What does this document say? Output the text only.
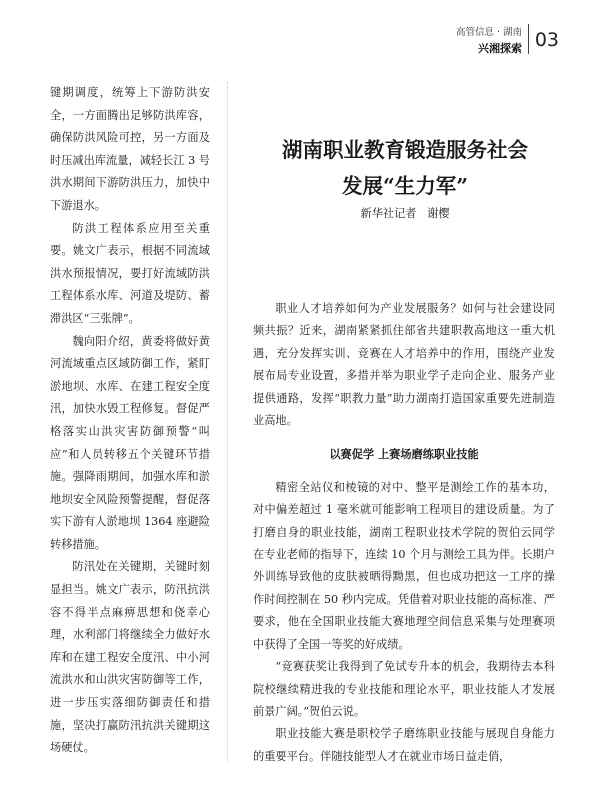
高管信息 · 湖南
兴湘探索 03

键期调度，统筹上下游防洪安全，一方面腾出足够防洪库容，确保防洪风险可控，另一方面及时压减出库流量，减轻长江 3 号洪水期间下游防洪压力，加快中下游退水。

防洪工程体系应用至关重要。姚文广表示，根据不同流域洪水预报情况，要打好流域防洪工程体系水库、河道及堤防、蓄滞洪区“三张牌”。

魏向阳介绍，黄委将做好黄河流域重点区域防御工作，紧盯淤地坝、水库、在建工程安全度汛，加快水毁工程修复。督促严格落实山洪灾害防御预警“叫应”和人员转移五个关键环节措施。强降雨期间，加强水库和淤地坝安全风险预警提醒，督促落实下游有人淤地坝 1364 座避险转移措施。

防汛处在关键期，关键时刻显担当。姚文广表示，防汛抗洪容不得半点麻痹思想和侥幸心理，水利部门将继续全力做好水库和在建工程安全度汛、中小河流洪水和山洪灾害防御等工作，进一步压实落细防御责任和措施，坚决打赢防汛抗洪关键期这场硬仗。

湖南职业教育锻造服务社会
发展“生力军”
新华社记者   谢樱

职业人才培养如何为产业发展服务？如何与社会建设同频共振？近来，湖南紧紧抓住部省共建职教高地这一重大机遇，充分发挥实训、竞赛在人才培养中的作用，围绕产业发展布局专业设置，多措并举为职业学子走向企业、服务产业提供通路，发挥“职教力量”助力湖南打造国家重要先进制造业高地。

以赛促学 上赛场磨练职业技能

精密全站仪和棱镜的对中、整平是测绘工作的基本功，对中偏差超过 1 毫米就可能影响工程项目的建设质量。为了打磨自身的职业技能，湖南工程职业技术学院的贺伯云同学在专业老师的指导下，连续 10 个月与测绘工具为伴。长期户外训练导致他的皮肤被晒得黝黑，但也成功把这一工序的操作时间控制在 50 秒内完成。凭借着对职业技能的高标准、严要求，他在全国职业技能大赛地理空间信息采集与处理赛项中获得了全国一等奖的好成绩。

“竞赛获奖让我得到了免试专升本的机会，我期待去本科院校继续精进我的专业技能和理论水平，职业技能人才发展前景广阔。”贺伯云说。

职业技能大赛是职校学子磨练职业技能与展现自身能力的重要平台。伴随技能型人才在就业市场日益走俏，
